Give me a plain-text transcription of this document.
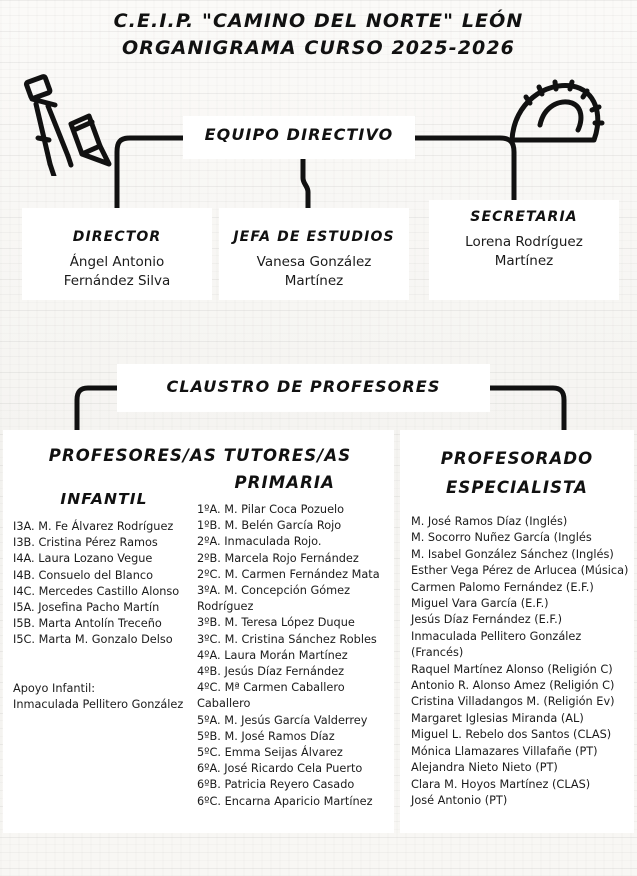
C.E.I.P. "CAMINO DEL NORTE" LEÓN
ORGANIGRAMA CURSO 2025-2026
EQUIPO DIRECTIVO
DIRECTOR
Ángel Antonio
Fernández Silva
JEFA DE ESTUDIOS
Vanesa González
Martínez
SECRETARIA
Lorena Rodríguez
Martínez
CLAUSTRO DE PROFESORES
PROFESORES/AS TUTORES/AS
PRIMARIA
INFANTIL
I3A. M. Fe Álvarez Rodríguez
I3B. Cristina Pérez Ramos
I4A. Laura Lozano Vegue
I4B. Consuelo del Blanco
I4C. Mercedes Castillo Alonso
I5A. Josefina Pacho Martín
I5B. Marta Antolín Treceño
I5C. Marta M. Gonzalo Delso
Apoyo Infantil:
Inmaculada Pellitero González
1ºA. M. Pilar Coca Pozuelo
1ºB. M. Belén García Rojo
2ºA. Inmaculada Rojo.
2ºB. Marcela Rojo Fernández
2ºC. M. Carmen Fernández Mata
3ºA. M. Concepción Gómez
Rodríguez
3ºB. M. Teresa López Duque
3ºC. M. Cristina Sánchez Robles
4ºA. Laura Morán Martínez
4ºB. Jesús Díaz Fernández
4ºC. Mª Carmen Caballero Caballero
5ºA. M. Jesús García Valderrey
5ºB. M. José Ramos Díaz
5ºC. Emma Seijas Álvarez
6ºA. José Ricardo Cela Puerto
6ºB. Patricia Reyero Casado
6ºC. Encarna Aparicio Martínez
PROFESORADO
ESPECIALISTA
M. José Ramos Díaz (Inglés)
M. Socorro Nuñez García (Inglés
M. Isabel González Sánchez (Inglés)
Esther Vega Pérez de Arlucea (Música)
Carmen Palomo Fernández (E.F.)
Miguel Vara García (E.F.)
Jesús Díaz Fernández (E.F.)
Inmaculada Pellitero González (Francés)
Raquel Martínez Alonso (Religión C)
Antonio R. Alonso Amez (Religión C)
Cristina Villadangos M. (Religión Ev)
Margaret Iglesias Miranda (AL)
Miguel L. Rebelo dos Santos (CLAS)
Mónica Llamazares Villafañe (PT)
Alejandra Nieto Nieto (PT)
Clara M. Hoyos Martínez (CLAS)
José Antonio (PT)
